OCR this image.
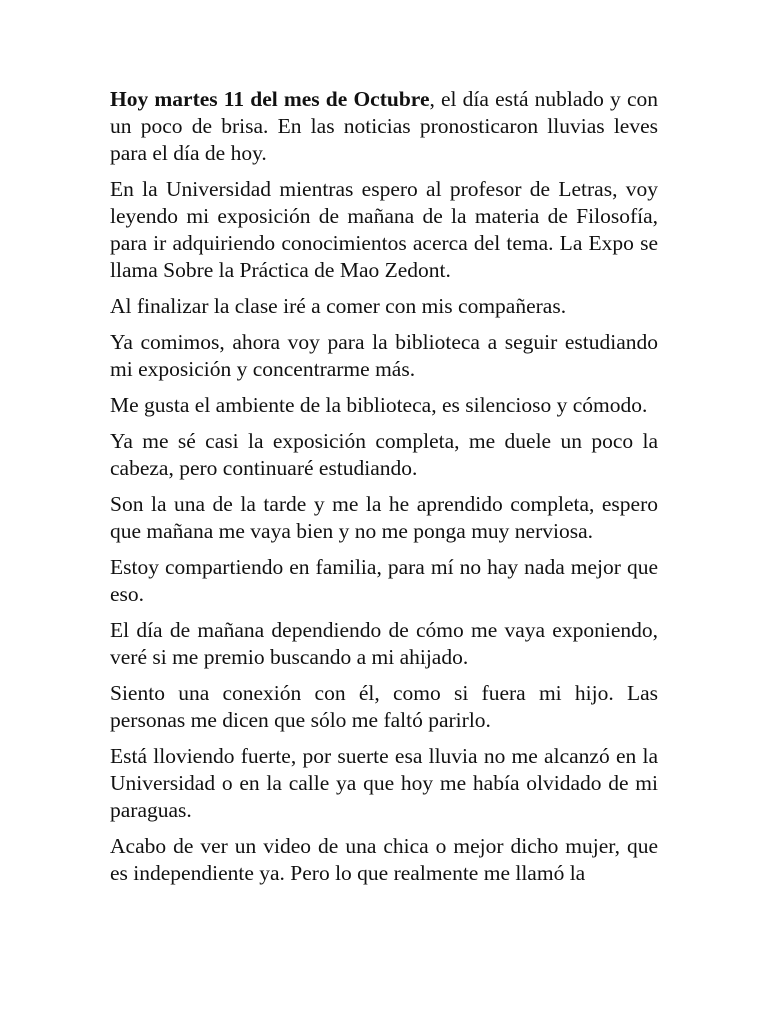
Hoy martes 11 del mes de Octubre, el día está nublado y con un poco de brisa. En las noticias pronosticaron lluvias leves para el día de hoy.

En la Universidad mientras espero al profesor de Letras, voy leyendo mi exposición de mañana de la materia de Filosofía, para ir adquiriendo conocimientos acerca del tema. La Expo se llama Sobre la Práctica de Mao Zedont.

Al finalizar la clase iré a comer con mis compañeras.

Ya comimos, ahora voy para la biblioteca a seguir estudiando mi exposición y concentrarme más.

Me gusta el ambiente de la biblioteca, es silencioso y cómodo.

Ya me sé casi la exposición completa, me duele un poco la cabeza, pero continuaré estudiando.

Son la una de la tarde y me la he aprendido completa, espero que mañana me vaya bien y no me ponga muy nerviosa.

Estoy compartiendo en familia, para mí no hay nada mejor que eso.

El día de mañana dependiendo de cómo me vaya exponiendo, veré si me premio buscando a mi ahijado.

Siento una conexión con él, como si fuera mi hijo. Las personas me dicen que sólo me faltó parirlo.

Está lloviendo fuerte, por suerte esa lluvia no me alcanzó en la Universidad o en la calle ya que hoy me había olvidado de mi paraguas.

Acabo de ver un video de una chica o mejor dicho mujer, que es independiente ya. Pero lo que realmente me llamó la
